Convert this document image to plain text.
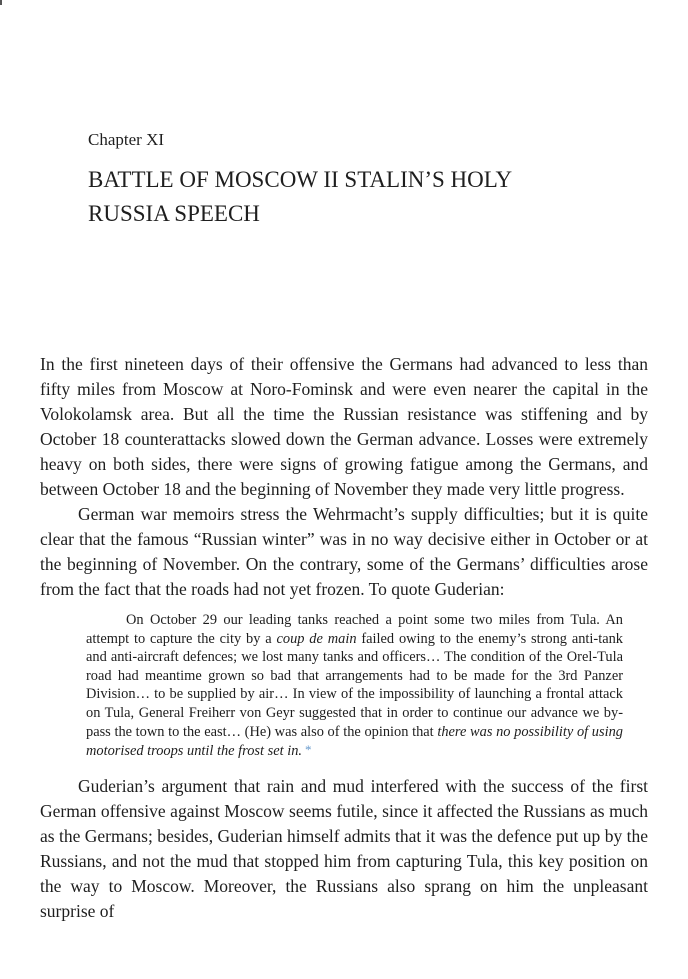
Chapter XI
BATTLE OF MOSCOW II STALIN’S HOLY
RUSSIA SPEECH

In the first nineteen days of their offensive the Germans had advanced to less than fifty miles from Moscow at Noro-Fominsk and were even nearer the capital in the Volokolamsk area. But all the time the Russian resistance was stiffening and by October 18 counterattacks slowed down the German advance. Losses were extremely heavy on both sides, there were signs of growing fatigue among the Germans, and between October 18 and the beginning of November they made very little progress.

German war memoirs stress the Wehrmacht’s supply difficulties; but it is quite clear that the famous “Russian winter” was in no way decisive either in October or at the beginning of November. On the contrary, some of the Germans’ difficulties arose from the fact that the roads had not yet frozen. To quote Guderian:

On October 29 our leading tanks reached a point some two miles from Tula. An attempt to capture the city by a coup de main failed owing to the enemy’s strong anti-tank and anti-aircraft defences; we lost many tanks and officers… The condition of the Orel-Tula road had meantime grown so bad that arrangements had to be made for the 3rd Panzer Division… to be supplied by air… In view of the impossibility of launching a frontal attack on Tula, General Freiherr von Geyr suggested that in order to continue our advance we by-pass the town to the east… (He) was also of the opinion that there was no possibility of using motorised troops until the frost set in. *

Guderian’s argument that rain and mud interfered with the success of the first German offensive against Moscow seems futile, since it affected the Russians as much as the Germans; besides, Guderian himself admits that it was the defence put up by the Russians, and not the mud that stopped him from capturing Tula, this key position on the way to Moscow. Moreover, the Russians also sprang on him the unpleasant surprise of
